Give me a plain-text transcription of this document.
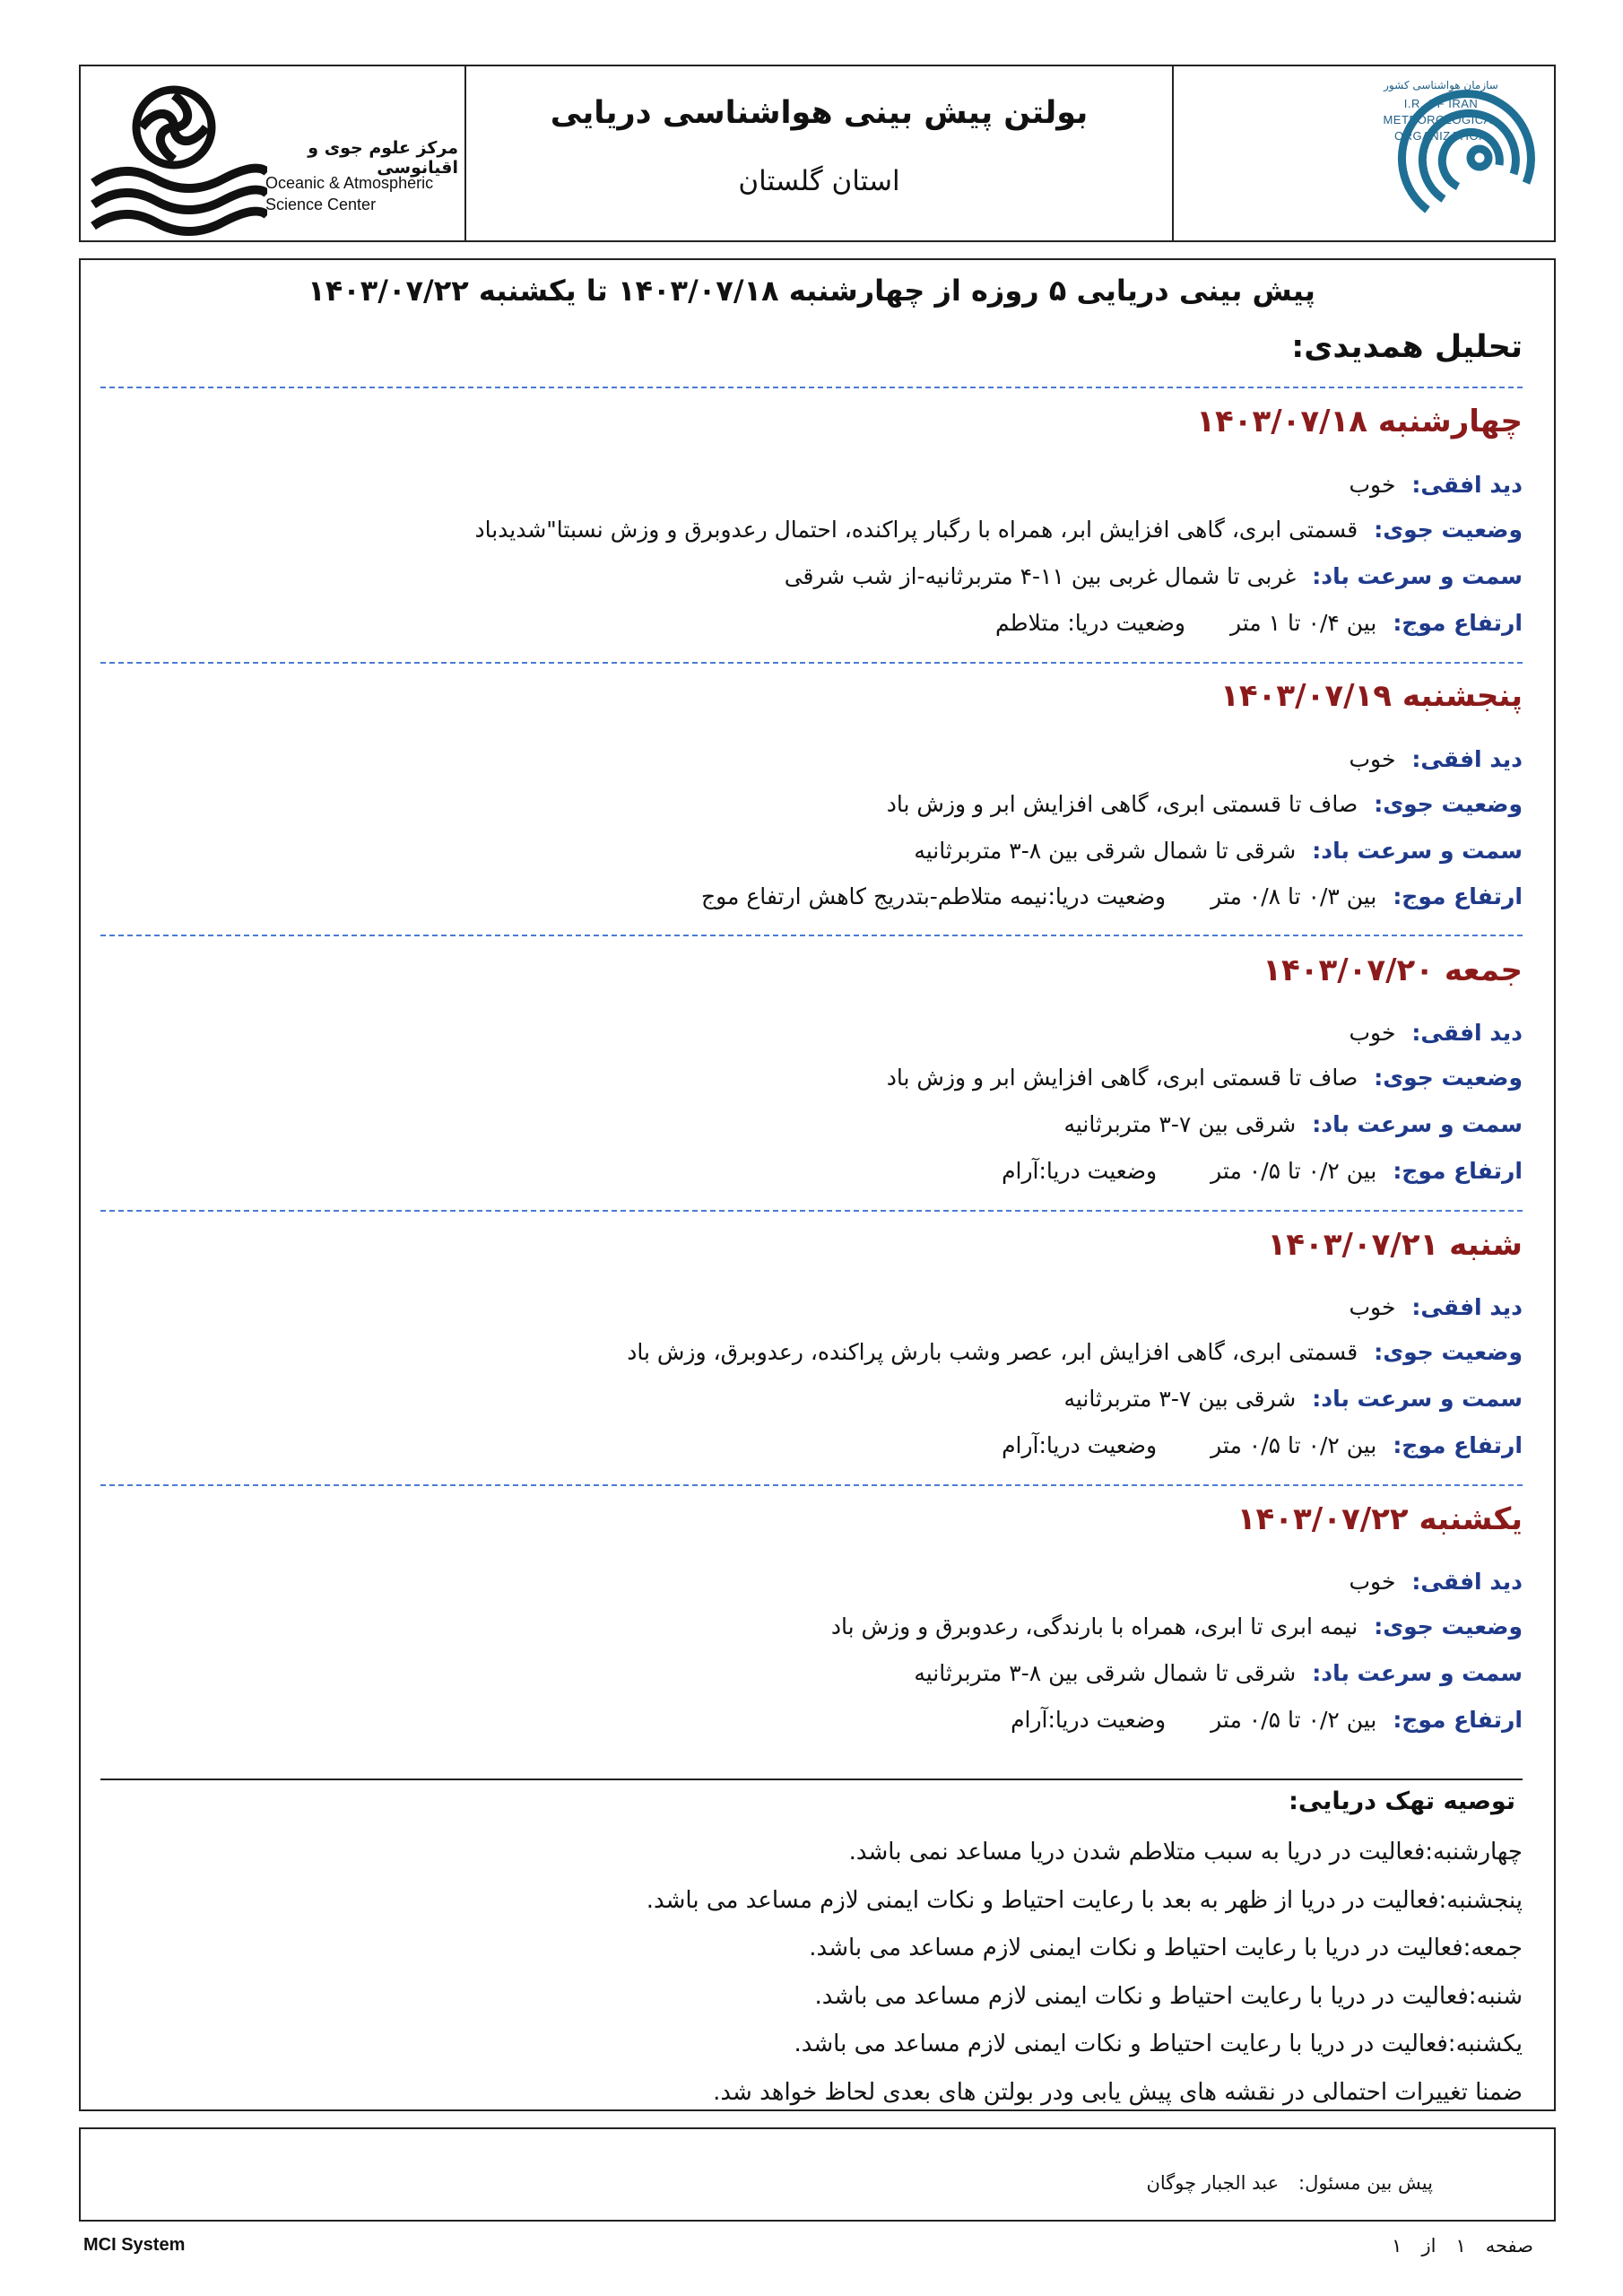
بولتن پیش بینی هواشناسی دریایی
استان گلستان
مرکز علوم جوی و اقیانوسی
Oceanic & Atmospheric
Science Center
سازمان هواشناسی کشور
I.R. OF IRAN
METEOROLOGICAL
ORGANIZATION
پیش بینی دریایی ۵ روزه از چهارشنبه ۱۴۰۳/۰۷/۱۸ تا یکشنبه ۱۴۰۳/۰۷/۲۲
تحلیل همدیدی:
چهارشنبه ۱۴۰۳/۰۷/۱۸
دید افقی:خوب
وضعیت جوی:قسمتی ابری، گاهی افزایش ابر، همراه با رگبار پراکنده، احتمال رعدوبرق و وزش نسبتا"شدیدباد
سمت و سرعت باد:غربی تا شمال غربی بین ۱۱-۴ متربرثانیه-از شب شرقی
ارتفاع موج:بین ۰/۴ تا ۱ متروضعیت دریا: متلاطم
پنجشنبه ۱۴۰۳/۰۷/۱۹
دید افقی:خوب
وضعیت جوی:صاف تا قسمتی ابری، گاهی افزایش ابر و وزش باد
سمت و سرعت باد:شرقی تا شمال شرقی بین ۸-۳ متربرثانیه
ارتفاع موج:بین ۰/۳ تا ۰/۸ متروضعیت دریا:نیمه متلاطم-بتدریج کاهش ارتفاع موج
جمعه ۱۴۰۳/۰۷/۲۰
دید افقی:خوب
وضعیت جوی:صاف تا قسمتی ابری، گاهی افزایش ابر و وزش باد
سمت و سرعت باد:شرقی بین ۷-۳ متربرثانیه
ارتفاع موج:بین ۰/۲ تا ۰/۵ متروضعیت دریا:آرام
شنبه ۱۴۰۳/۰۷/۲۱
دید افقی:خوب
وضعیت جوی:قسمتی ابری، گاهی افزایش ابر، عصر وشب بارش پراکنده، رعدوبرق، وزش باد
سمت و سرعت باد:شرقی بین ۷-۳ متربرثانیه
ارتفاع موج:بین ۰/۲ تا ۰/۵ متروضعیت دریا:آرام
یکشنبه ۱۴۰۳/۰۷/۲۲
دید افقی:خوب
وضعیت جوی:نیمه ابری تا ابری، همراه با بارندگی، رعدوبرق و وزش باد
سمت و سرعت باد:شرقی تا شمال شرقی بین ۸-۳ متربرثانیه
ارتفاع موج:بین ۰/۲ تا ۰/۵ متروضعیت دریا:آرام
توصیه تهک دریایی:
چهارشنبه:فعالیت در دریا به سبب متلاطم شدن دریا مساعد نمی باشد.
پنجشنبه:فعالیت در دریا از ظهر به بعد با رعایت احتیاط و نکات ایمنی لازم مساعد می باشد.
جمعه:فعالیت در دریا با رعایت احتیاط و نکات ایمنی لازم مساعد می باشد.
شنبه:فعالیت در دریا با رعایت احتیاط و نکات ایمنی لازم مساعد می باشد.
یکشنبه:فعالیت در دریا با رعایت احتیاط و نکات ایمنی لازم مساعد می باشد.
ضمنا تغییرات احتمالی در نقشه های پیش یابی ودر بولتن های بعدی لحاظ خواهد شد.
پیش بین مسئول:عبد الجبار چوگان
MCI System	صفحه۱از۱
